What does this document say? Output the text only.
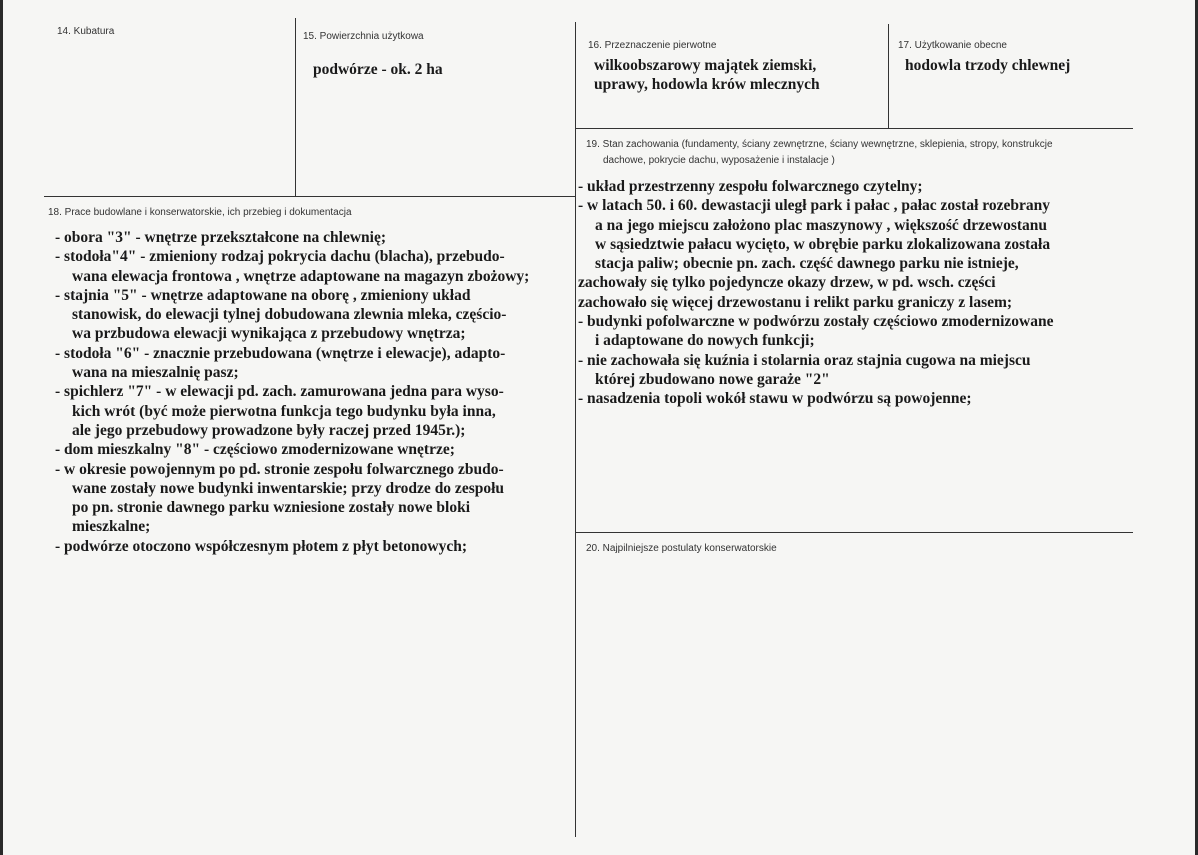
14. Kubatura	15. Powierzchnia użytkowa
podwórze - ok. 2 ha
16. Przeznaczenie pierwotne
wilkoobszarowy majątek ziemski,
uprawy, hodowla krów mlecznych
17. Użytkowanie obecne
hodowla trzody chlewnej
18. Prace budowlane i konserwatorskie, ich przebieg i dokumentacja
- obora "3" - wnętrze przekształcone na chlewnię;
- stodoła"4" - zmieniony rodzaj pokrycia dachu (blacha), przebudo-
wana elewacja frontowa , wnętrze adaptowane na magazyn zbożowy;
- stajnia "5" - wnętrze adaptowane na oborę , zmieniony układ
stanowisk, do elewacji tylnej dobudowana zlewnia mleka, częścio-
wa przbudowa elewacji wynikająca z przebudowy wnętrza;
- stodoła "6" - znacznie przebudowana (wnętrze i elewacje), adapto-
wana na mieszalnię pasz;
- spichlerz "7" - w elewacji pd. zach. zamurowana jedna para wyso-
kich wrót (być może pierwotna funkcja tego budynku była inna,
ale jego przebudowy prowadzone były raczej przed 1945r.);
- dom mieszkalny "8" - częściowo zmodernizowane wnętrze;
- w okresie powojennym po pd. stronie zespołu folwarcznego zbudo-
wane zostały nowe budynki inwentarskie; przy drodze do zespołu
po pn. stronie dawnego parku wzniesione zostały nowe bloki
mieszkalne;
- podwórze otoczono współczesnym płotem z płyt betonowych;
19. Stan zachowania (fundamenty, ściany zewnętrzne, ściany wewnętrzne, sklepienia, stropy, konstrukcje
dachowe, pokrycie dachu, wyposażenie i instalacje )
- układ przestrzenny zespołu folwarcznego czytelny;
- w latach 50. i 60. dewastacji uległ park i pałac , pałac został rozebrany
a na jego miejscu założono plac maszynowy , większość drzewostanu
w sąsiedztwie pałacu wycięto, w obrębie parku zlokalizowana została
stacja paliw; obecnie pn. zach. część dawnego parku nie istnieje,
zachowały się tylko pojedyncze okazy drzew, w pd. wsch. części
zachowało się więcej drzewostanu i relikt parku graniczy z lasem;
- budynki pofolwarczne w podwórzu zostały częściowo zmodernizowane
i adaptowane do nowych funkcji;
- nie zachowała się kuźnia i stolarnia oraz stajnia cugowa na miejscu
której zbudowano nowe garaże "2"
- nasadzenia topoli wokół stawu w podwórzu są powojenne;
20. Najpilniejsze postulaty konserwatorskie
